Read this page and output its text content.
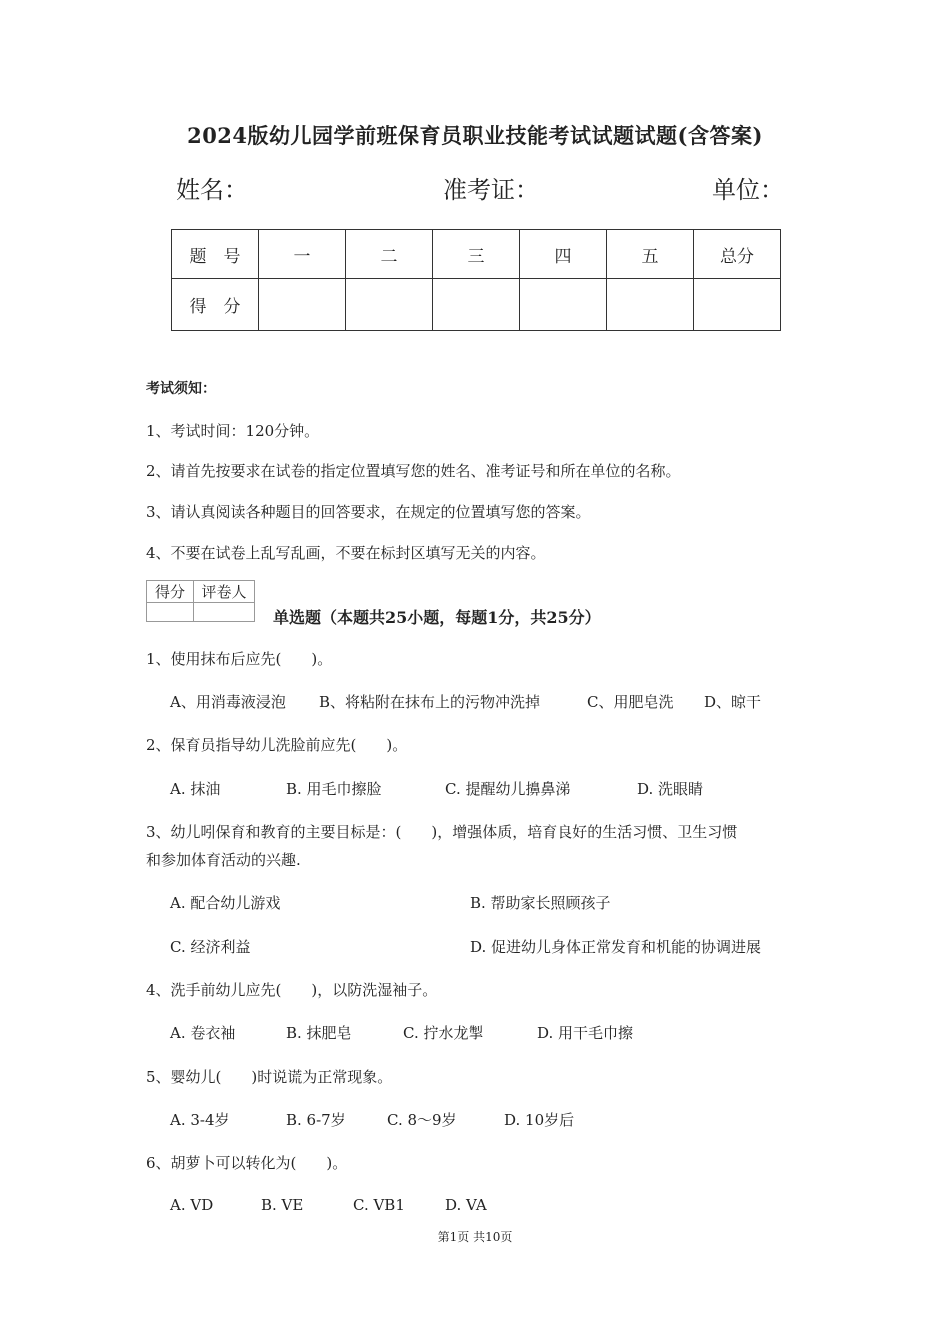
2024版幼儿园学前班保育员职业技能考试试题试题(含答案)
姓名：	准考证：	单位：
题　号	一	二	三	四	五	总分
得　分						
考试须知：
1、考试时间：120分钟。
2、请首先按要求在试卷的指定位置填写您的姓名、准考证号和所在单位的名称。
3、请认真阅读各种题目的回答要求，在规定的位置填写您的答案。
4、不要在试卷上乱写乱画，不要在标封区填写无关的内容。
得分	评卷人

单选题（本题共25小题，每题1分，共25分）
1、使用抹布后应先(　　)。
A、用消毒液浸泡 B、将粘附在抹布上的污物冲洗掉	C、用肥皂洗 D、晾干
2、保育员指导幼儿洗脸前应先(　　)。
A. 抹油	B. 用毛巾擦脸	C. 提醒幼儿擤鼻涕	D. 洗眼睛
3、幼儿吲保育和教育的主要目标是：(　　)，增强体质，培育良好的生活习惯、卫生习惯
和参加体育活动的兴趣.
A. 配合幼儿游戏	B. 帮助家长照顾孩子
C. 经济利益	D. 促进幼儿身体正常发育和机能的协调进展
4、洗手前幼儿应先(　　)，以防洗湿袖子。
A. 卷衣袖	B. 抹肥皂	C. 拧水龙掣	D. 用干毛巾擦
5、婴幼儿(　　)时说谎为正常现象。
A. 3-4岁	B. 6-7岁	C. 8～9岁	D. 10岁后
6、胡萝卜可以转化为(　　)。
A. VD	B. VE	C. VB1	D. VA
第1页 共10页
